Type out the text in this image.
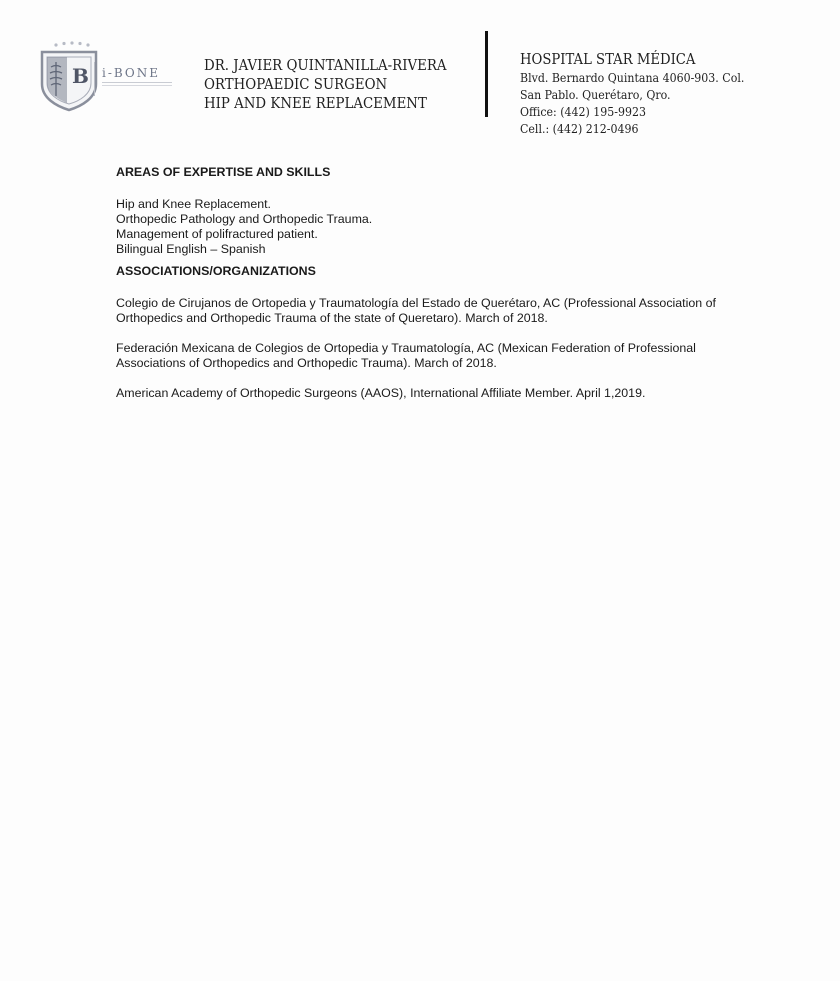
B i-BONE	DR. JAVIER QUINTANILLA-RIVERA
ORTHOPAEDIC SURGEON
HIP AND KNEE REPLACEMENT
HOSPITAL STAR MÉDICA
Blvd. Bernardo Quintana 4060-903. Col.
San Pablo. Querétaro, Qro.
Office: (442) 195-9923
Cell.: (442) 212-0496
AREAS OF EXPERTISE AND SKILLS
Hip and Knee Replacement.
Orthopedic Pathology and Orthopedic Trauma.
Management of polifractured patient.
Bilingual English – Spanish
ASSOCIATIONS/ORGANIZATIONS

Colegio de Cirujanos de Ortopedia y Traumatología del Estado de Querétaro, AC (Professional Association of Orthopedics and Orthopedic Trauma of the state of Queretaro). March of 2018.

Federación Mexicana de Colegios de Ortopedia y Traumatología, AC (Mexican Federation of Professional Associations of Orthopedics and Orthopedic Trauma). March of 2018.

American Academy of Orthopedic Surgeons (AAOS), International Affiliate Member. April 1,2019.
